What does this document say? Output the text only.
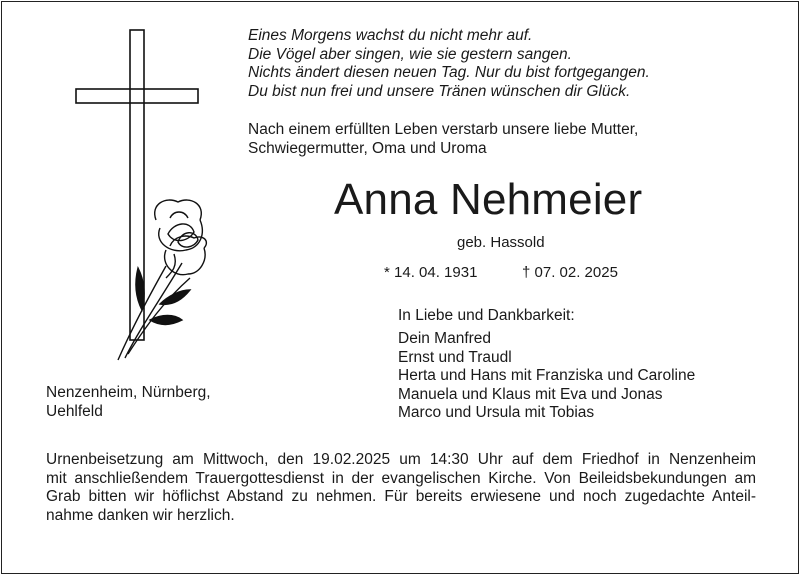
Eines Morgens wachst du nicht mehr auf.
Die Vögel aber singen, wie sie gestern sangen.
Nichts ändert diesen neuen Tag. Nur du bist fortgegangen.
Du bist nun frei und unsere Tränen wünschen dir Glück.
Nach einem erfüllten Leben verstarb unsere liebe Mutter,
Schwiegermutter, Oma und Uroma
Anna Nehmeier
geb. Hassold
* 14. 04. 1931	† 07. 02. 2025
In Liebe und Dankbarkeit:
Dein Manfred
Ernst und Traudl
Herta und Hans mit Franziska und Caroline
Manuela und Klaus mit Eva und Jonas
Marco und Ursula mit Tobias
Nenzenheim, Nürnberg,
Uehlfeld
Urnenbeisetzung am Mittwoch, den 19.02.2025 um 14:30 Uhr auf dem Friedhof in Nenzenheim
mit anschließendem Trauergottesdienst in der evangelischen Kirche. Von Beileidsbekundungen am
Grab bitten wir höflichst Abstand zu nehmen. Für bereits erwiesene und noch zugedachte Anteil-
nahme danken wir herzlich.
